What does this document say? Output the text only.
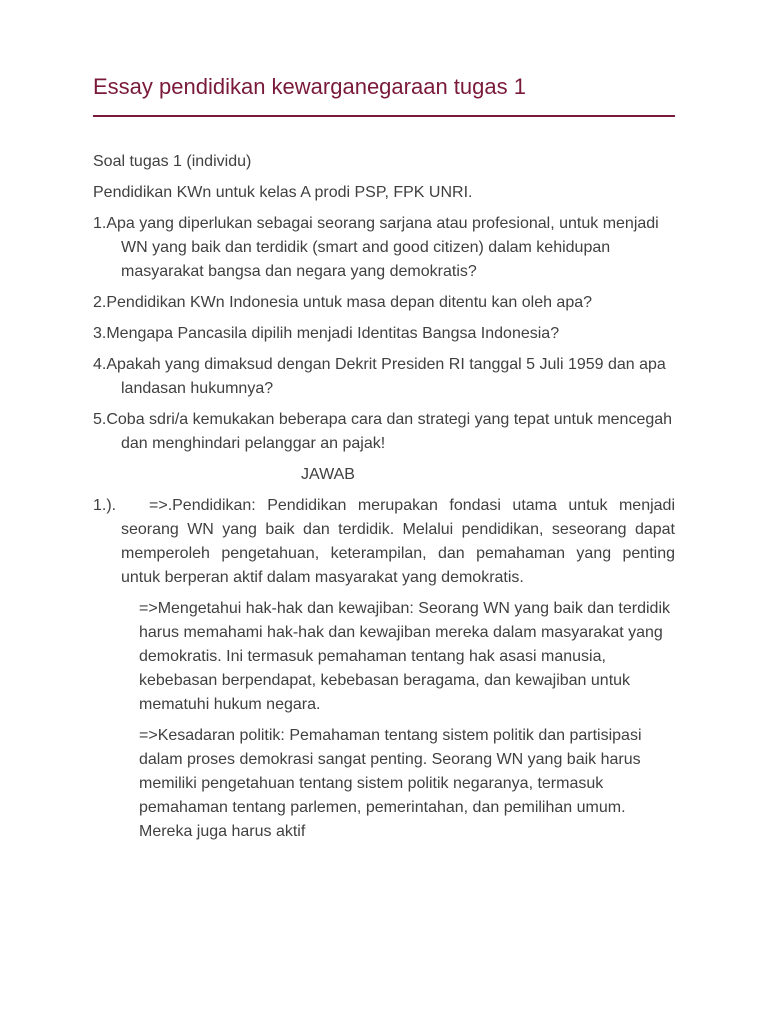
Essay pendidikan kewarganegaraan tugas 1

Soal tugas 1 (individu)

Pendidikan KWn untuk kelas A prodi PSP, FPK UNRI.

1.Apa yang diperlukan sebagai seorang sarjana atau profesional, untuk menjadi WN yang baik dan terdidik (smart and good citizen) dalam kehidupan masyarakat bangsa dan negara yang demokratis?

2.Pendidikan KWn Indonesia untuk masa depan ditentu kan oleh apa?

3.Mengapa Pancasila dipilih menjadi Identitas Bangsa Indonesia?

4.Apakah yang dimaksud dengan Dekrit Presiden RI tanggal 5 Juli 1959 dan apa landasan hukumnya?

5.Coba sdri/a kemukakan beberapa cara dan strategi yang tepat untuk mencegah dan menghindari pelanggar an pajak!

JAWAB

1.). =>.Pendidikan: Pendidikan merupakan fondasi utama untuk menjadi seorang WN yang baik dan terdidik. Melalui pendidikan, seseorang dapat memperoleh pengetahuan, keterampilan, dan pemahaman yang penting untuk berperan aktif dalam masyarakat yang demokratis.

=>Mengetahui hak-hak dan kewajiban: Seorang WN yang baik dan terdidik harus memahami hak-hak dan kewajiban mereka dalam masyarakat yang demokratis. Ini termasuk pemahaman tentang hak asasi manusia, kebebasan berpendapat, kebebasan beragama, dan kewajiban untuk mematuhi hukum negara.

=>Kesadaran politik: Pemahaman tentang sistem politik dan partisipasi dalam proses demokrasi sangat penting. Seorang WN yang baik harus memiliki pengetahuan tentang sistem politik negaranya, termasuk pemahaman tentang parlemen, pemerintahan, dan pemilihan umum. Mereka juga harus aktif
